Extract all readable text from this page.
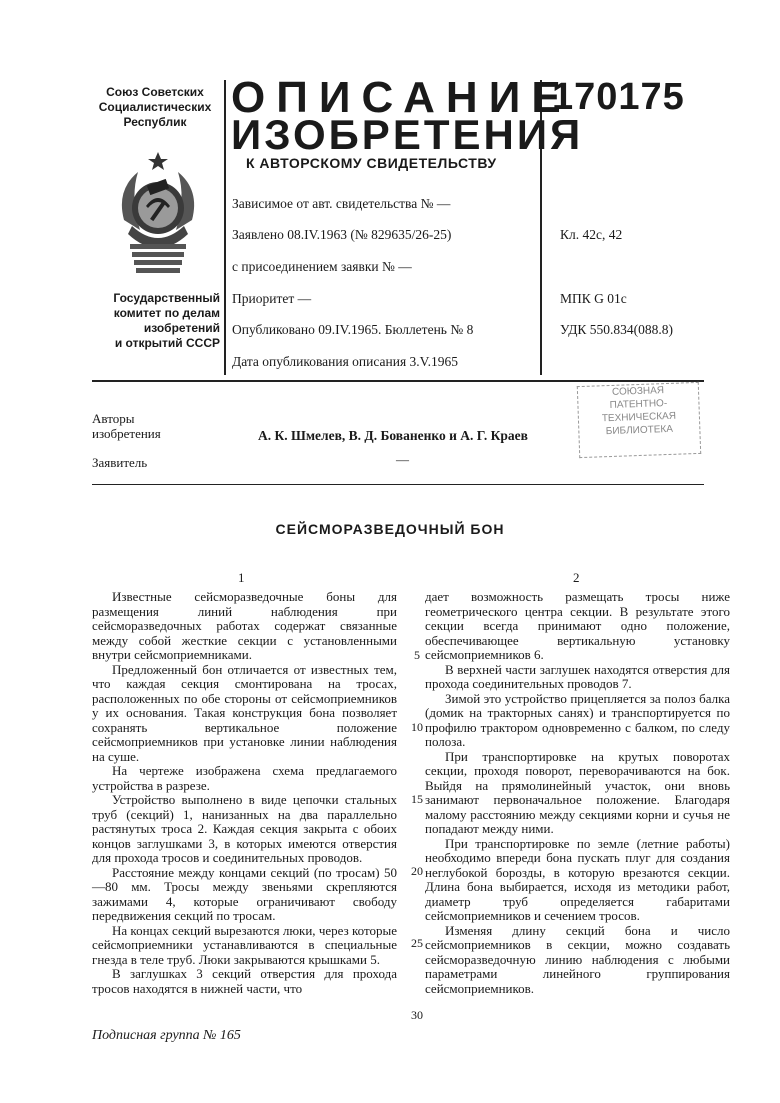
Союз Советских
Социалистических
Республик
Государственный
комитет по делам
изобретений
и открытий СССР
ОПИСАНИЕ
ИЗОБРЕТЕНИЯ
К АВТОРСКОМУ СВИДЕТЕЛЬСТВУ
170175
Зависимое от авт. свидетельства № —
Заявлено 08.IV.1963 (№ 829635/26-25)
с присоединением заявки № —
Приоритет —
Опубликовано 09.IV.1965. Бюллетень № 8
Дата опубликования описания 3.V.1965
Кл. 42с, 42
МПК G 01с
УДК 550.834(088.8)
Авторы
изобретения	А. К. Шмелев, В. Д. Бованенко и А. Г. Краев
Заявитель	—
СОЮЗНАЯ
ПАТЕНТНО-
ТЕХНИЧЕСКАЯ
БИБЛИОТЕКА
СЕЙСМОРАЗВЕДОЧНЫЙ БОН
1	2

Известные сейсморазведочные боны для размещения линий наблюдения при сейсморазведочных работах содержат связанные между собой жесткие секции с установленными внутри сейсмоприемниками.

Предложенный бон отличается от известных тем, что каждая секция смонтирована на тросах, расположенных по обе стороны от сейсмоприемников у их основания. Такая конструкция бона позволяет сохранять вертикальное положение сейсмоприемников при установке линии наблюдения на суше.

На чертеже изображена схема предлагаемого устройства в разрезе.

Устройство выполнено в виде цепочки стальных труб (секций) 1, нанизанных на два параллельно растянутых троса 2. Каждая секция закрыта с обоих концов заглушками 3, в которых имеются отверстия для прохода тросов и соединительных проводов.

Расстояние между концами секций (по тросам) 50—80 мм. Тросы между звеньями скрепляются зажимами 4, которые ограничивают свободу передвижения секций по тросам.

На концах секций вырезаются люки, через которые сейсмоприемники устанавливаются в специальные гнезда в теле труб. Люки закрываются крышками 5.

В заглушках 3 секций отверстия для прохода тросов находятся в нижней части, что

5
10
15
20
25
30

дает возможность размещать тросы ниже геометрического центра секции. В результате этого секции всегда принимают одно положение, обеспечивающее вертикальную установку сейсмоприемников 6.

В верхней части заглушек находятся отверстия для прохода соединительных проводов 7.

Зимой это устройство прицепляется за полоз балка (домик на тракторных санях) и транспортируется по профилю трактором одновременно с балком, по следу полоза.

При транспортировке на крутых поворотах секции, проходя поворот, переворачиваются на бок. Выйдя на прямолинейный участок, они вновь занимают первоначальное положение. Благодаря малому расстоянию между секциями корни и сучья не попадают между ними.

При транспортировке по земле (летние работы) необходимо впереди бона пускать плуг для создания неглубокой борозды, в которую врезаются секции. Длина бона выбирается, исходя из методики работ, диаметр труб определяется габаритами сейсмоприемников и сечением тросов.

Изменяя длину секций бона и число сейсмоприемников в секции, можно создавать сейсморазведочную линию наблюдения с любыми параметрами линейного группирования сейсмоприемников.

Подписная группа № 165
